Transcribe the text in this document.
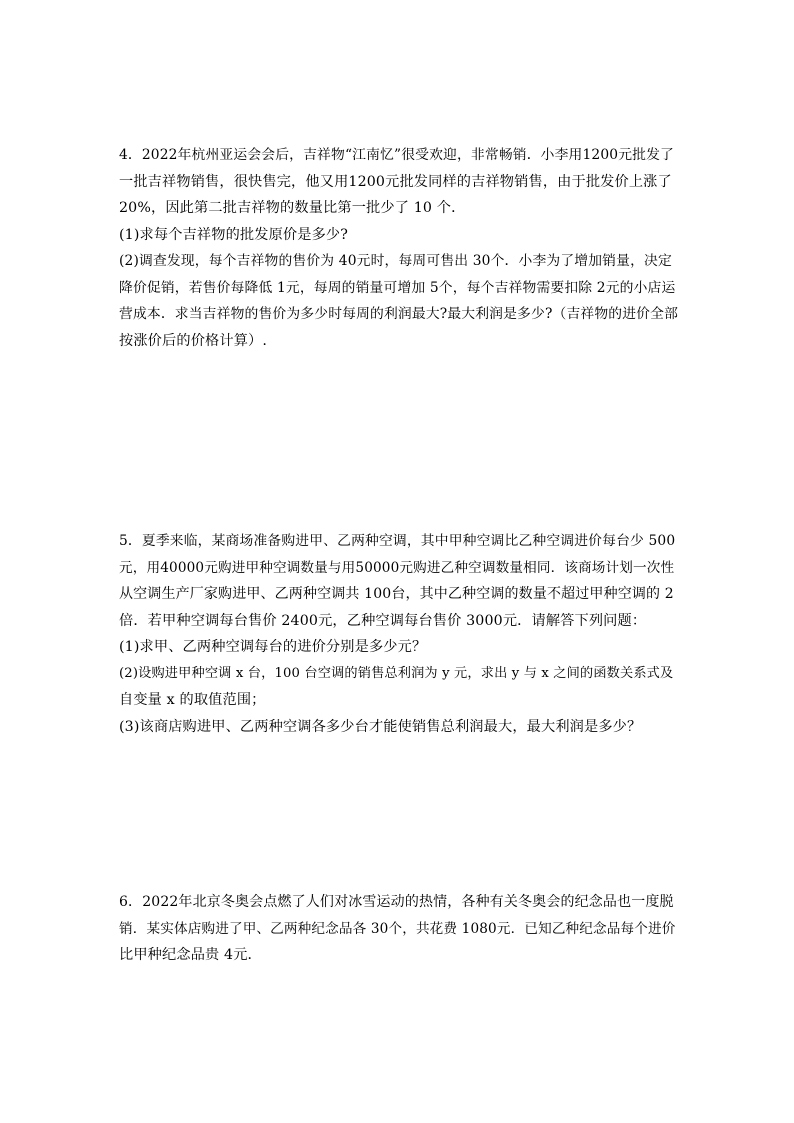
4．2022年杭州亚运会会后，吉祥物“江南忆”很受欢迎，非常畅销．小李用1200元批发了
一批吉祥物销售，很快售完，他又用1200元批发同样的吉祥物销售，由于批发价上涨了
20%，因此第二批吉祥物的数量比第一批少了 10 个．
(1)求每个吉祥物的批发原价是多少?
(2)调查发现，每个吉祥物的售价为 40元时，每周可售出 30个．小李为了增加销量，决定
降价促销，若售价每降低 1元，每周的销量可增加 5个，每个吉祥物需要扣除 2元的小店运
营成本．求当吉祥物的售价为多少时每周的利润最大?最大利润是多少?（吉祥物的进价全部
按涨价后的价格计算）.
5．夏季来临，某商场准备购进甲、乙两种空调，其中甲种空调比乙种空调进价每台少 500
元，用40000元购进甲种空调数量与用50000元购进乙种空调数量相同．该商场计划一次性
从空调生产厂家购进甲、乙两种空调共 100台，其中乙种空调的数量不超过甲种空调的 2
倍．若甲种空调每台售价 2400元，乙种空调每台售价 3000元．请解答下列问题：
(1)求甲、乙两种空调每台的进价分别是多少元？
(2)设购进甲种空调 x 台，100 台空调的销售总利润为 y 元，求出 y 与 x 之间的函数关系式及
自变量 x 的取值范围；
(3)该商店购进甲、乙两种空调各多少台才能使销售总利润最大，最大利润是多少？
6．2022年北京冬奥会点燃了人们对冰雪运动的热情，各种有关冬奥会的纪念品也一度脱
销．某实体店购进了甲、乙两种纪念品各 30个，共花费 1080元．已知乙种纪念品每个进价
比甲种纪念品贵 4元．
